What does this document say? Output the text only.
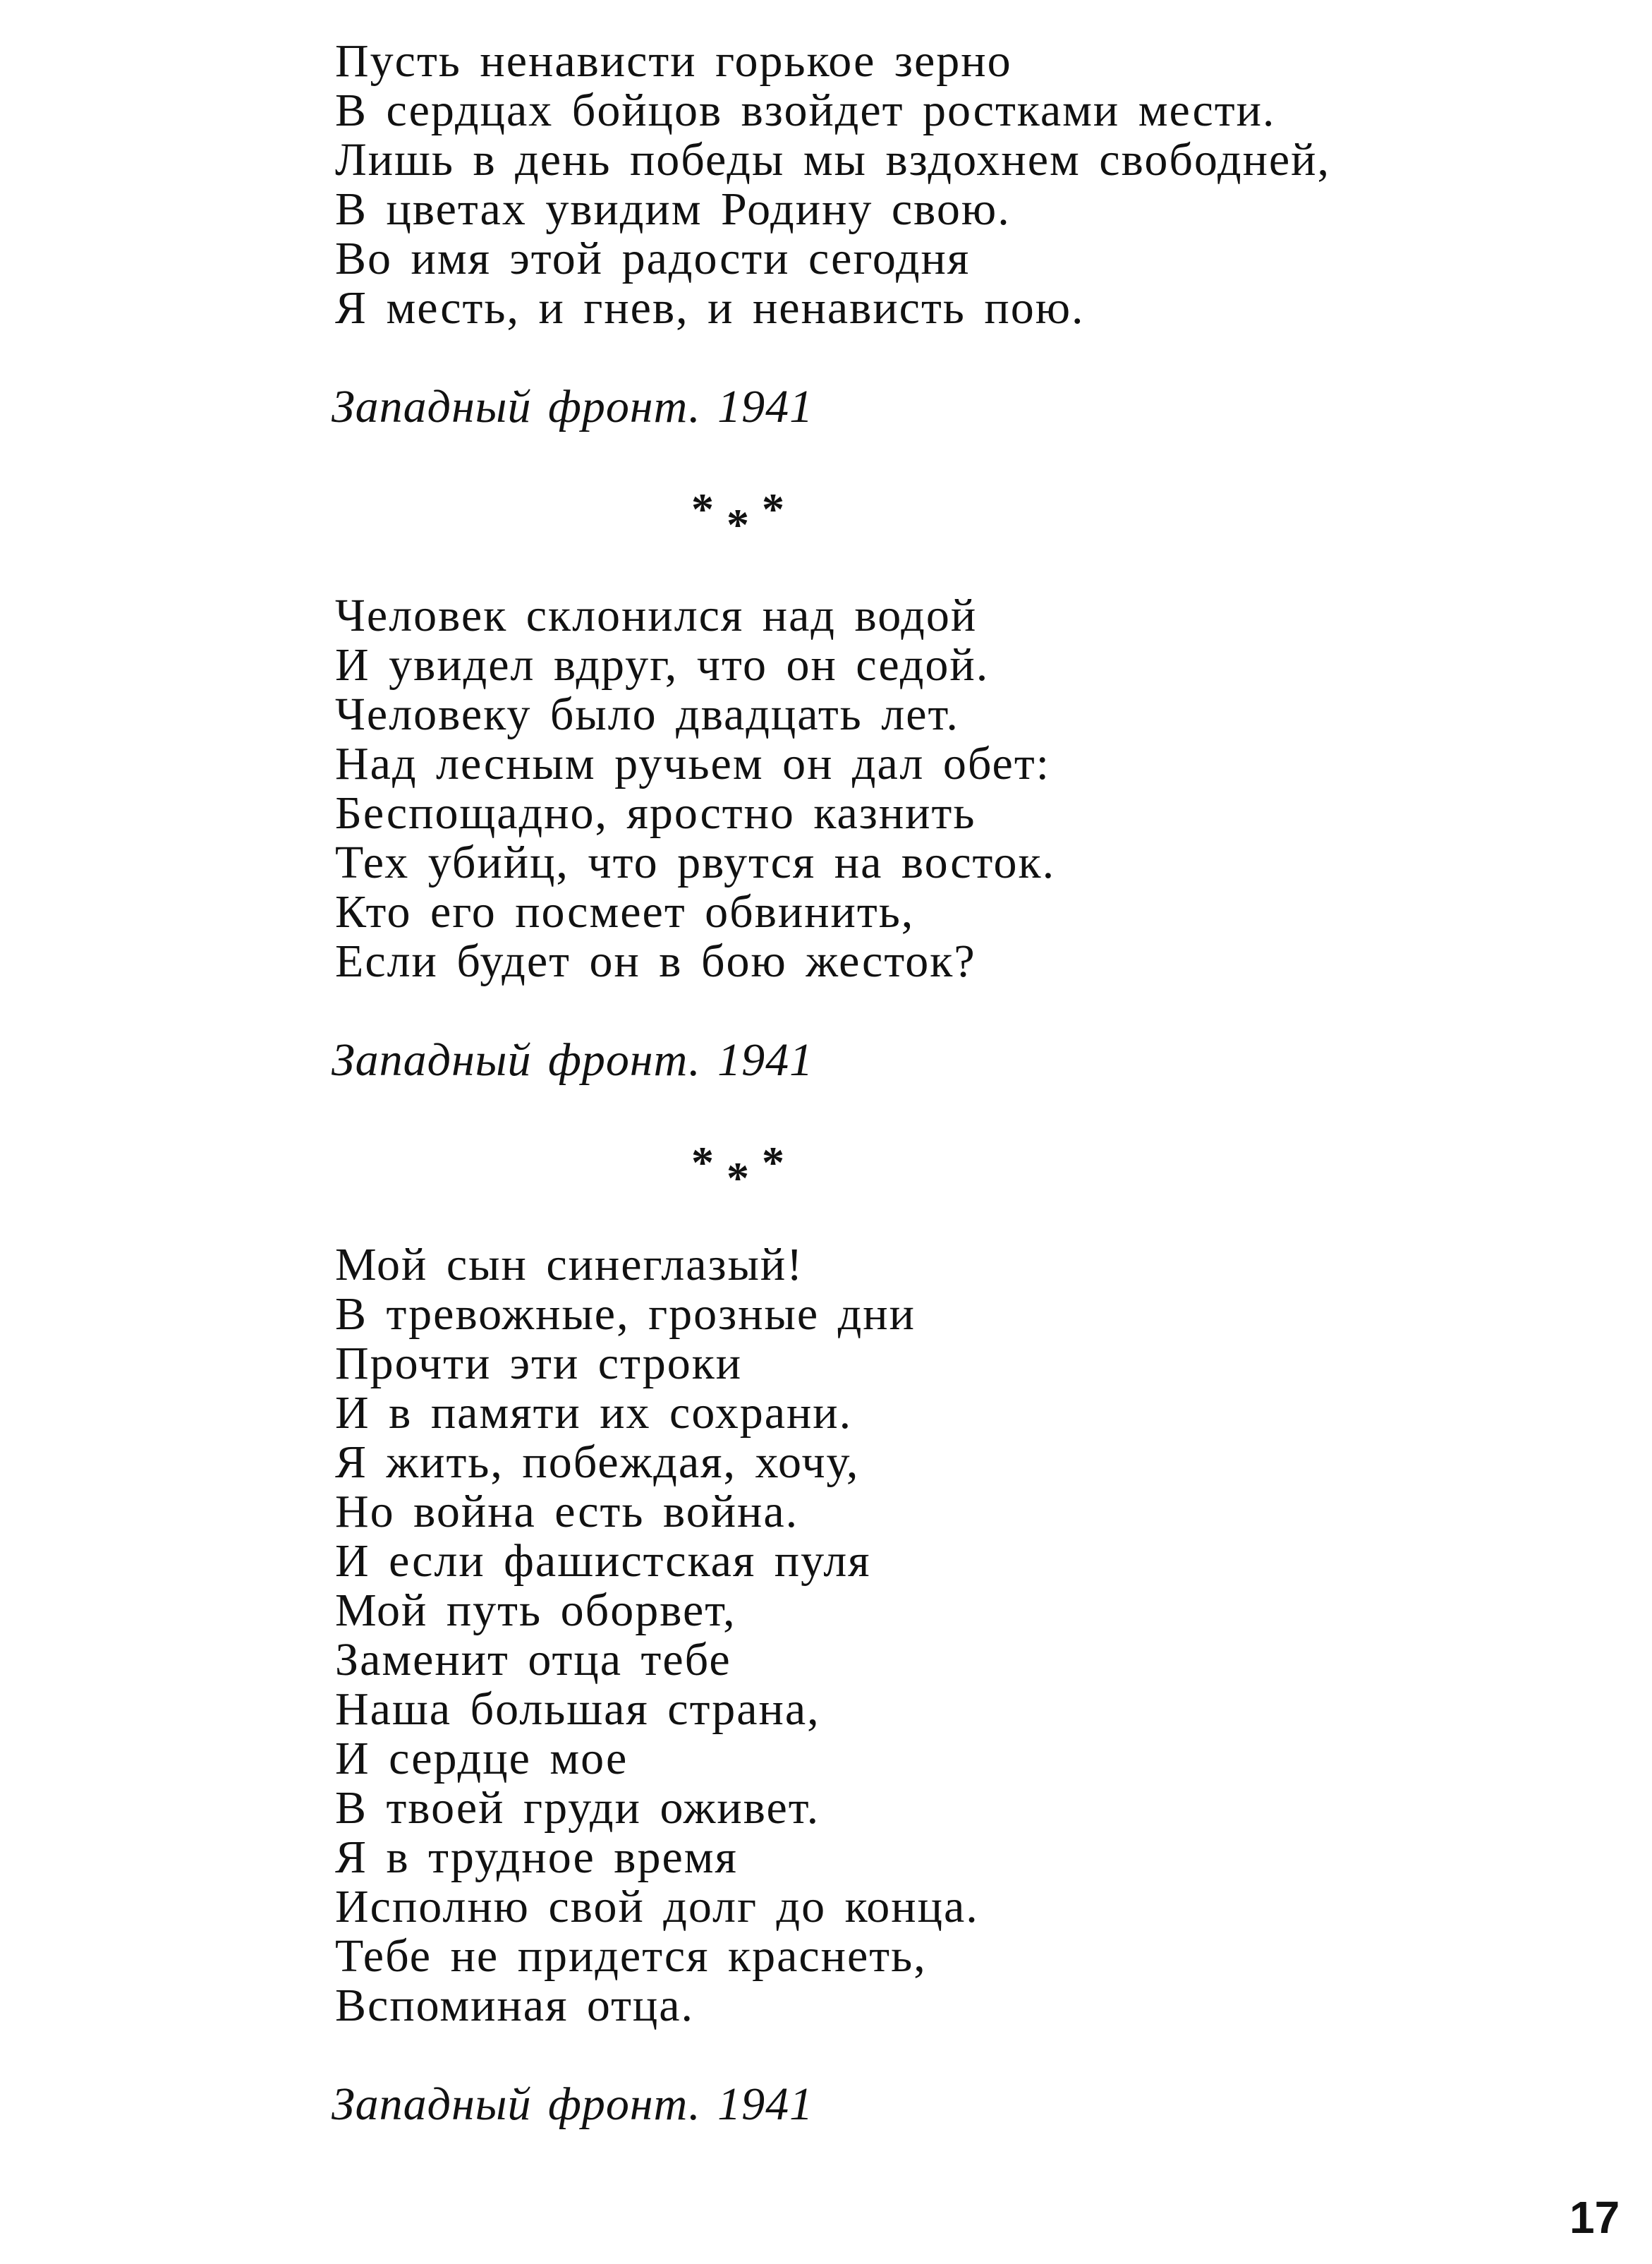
Пусть ненависти горькое зерно
В сердцах бойцов взойдет ростками мести.
Лишь в день победы мы вздохнем свободней,
В цветах увидим Родину свою.
Во имя этой радости сегодня
Я месть, и гнев, и ненависть пою.
Западный фронт. 1941
* * *
Человек склонился над водой
И увидел вдруг, что он седой.
Человеку было двадцать лет.
Над лесным ручьем он дал обет:
Беспощадно, яростно казнить
Тех убийц, что рвутся на восток.
Кто его посмеет обвинить,
Если будет он в бою жесток?
Западный фронт. 1941
* * *
Мой сын синеглазый!
В тревожные, грозные дни
Прочти эти строки
И в памяти их сохрани.
Я жить, побеждая, хочу,
Но война есть война.
И если фашистская пуля
Мой путь оборвет,
Заменит отца тебе
Наша большая страна,
И сердце мое
В твоей груди оживет.
Я в трудное время
Исполню свой долг до конца.
Тебе не придется краснеть,
Вспоминая отца.
Западный фронт. 1941
17
